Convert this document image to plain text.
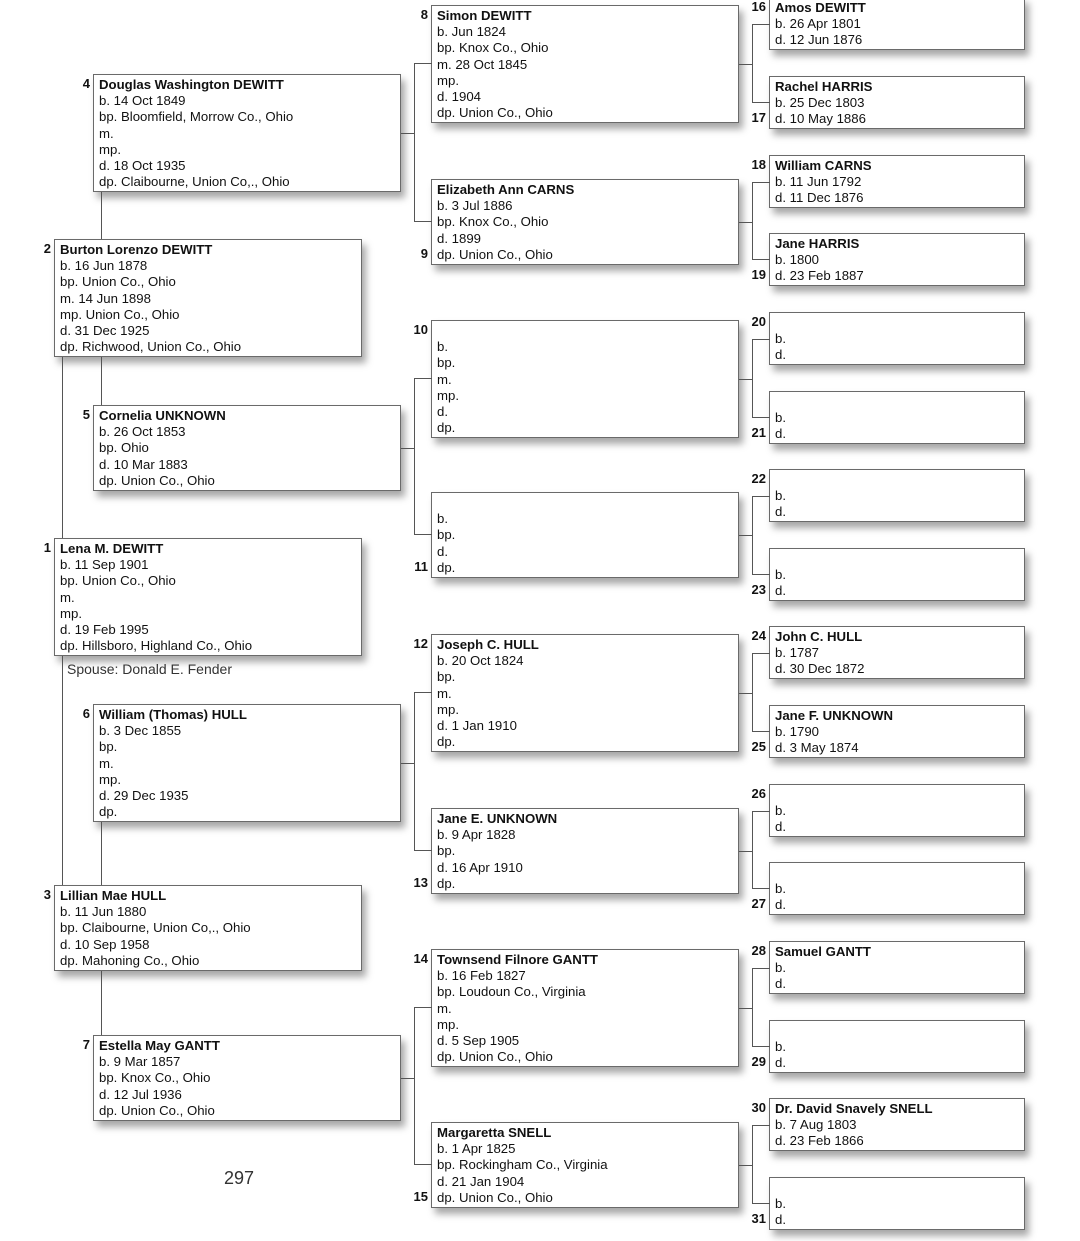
Lena M. DEWITT
b. 11 Sep 1901
bp. Union Co., Ohio
m.
mp.
d. 19 Feb 1995
dp. Hillsboro, Highland Co., Ohio
1
Burton Lorenzo DEWITT
b. 16 Jun 1878
bp. Union Co., Ohio
m. 14 Jun 1898
mp. Union Co., Ohio
d. 31 Dec 1925
dp. Richwood, Union Co., Ohio
2
Lillian Mae HULL
b. 11 Jun 1880
bp. Claibourne, Union Co,., Ohio
d. 10 Sep 1958
dp. Mahoning Co., Ohio
3
Douglas Washington DEWITT
b. 14 Oct 1849
bp. Bloomfield, Morrow Co., Ohio
m.
mp.
d. 18 Oct 1935
dp. Claibourne, Union Co,., Ohio
4
Cornelia UNKNOWN
b. 26 Oct 1853
bp. Ohio
d. 10 Mar 1883
dp. Union Co., Ohio
5
William (Thomas) HULL
b. 3 Dec 1855
bp.
m.
mp.
d. 29 Dec 1935
dp.
6
Estella May GANTT
b. 9 Mar 1857
bp. Knox Co., Ohio
d. 12 Jul 1936
dp. Union Co., Ohio
7
Simon DEWITT
b. Jun 1824
bp. Knox Co., Ohio
m. 28 Oct 1845
mp.
d. 1904
dp. Union Co., Ohio
8
Elizabeth Ann CARNS
b. 3 Jul 1886
bp. Knox Co., Ohio
d. 1899
dp. Union Co., Ohio
9
b.
bp.
m.
mp.
d.
dp.
10
b.
bp.
d.
dp.
11
Joseph C. HULL
b. 20 Oct 1824
bp.
m.
mp.
d. 1 Jan 1910
dp.
12
Jane E. UNKNOWN
b. 9 Apr 1828
bp.
d. 16 Apr 1910
dp.
13
Townsend Filnore GANTT
b. 16 Feb 1827
bp. Loudoun Co., Virginia
m.
mp.
d. 5 Sep 1905
dp. Union Co., Ohio
14
Margaretta SNELL
b. 1 Apr 1825
bp. Rockingham Co., Virginia
d. 21 Jan 1904
dp. Union Co., Ohio
15
Amos DEWITT
b. 26 Apr 1801
d. 12 Jun 1876
16
Rachel HARRIS
b. 25 Dec 1803
d. 10 May 1886
17
William CARNS
b. 11 Jun 1792
d. 11 Dec 1876
18
Jane HARRIS
b. 1800
d. 23 Feb 1887
19
b.
d.
20
b.
d.
21
b.
d.
22
b.
d.
23
John C. HULL
b. 1787
d. 30 Dec 1872
24
Jane F. UNKNOWN
b. 1790
d. 3 May 1874
25
b.
d.
26
b.
d.
27
Samuel GANTT
b.
d.
28
b.
d.
29
Dr. David Snavely SNELL
b. 7 Aug 1803
d. 23 Feb 1866
30
b.
d.
31
Spouse: Donald E. Fender
297
